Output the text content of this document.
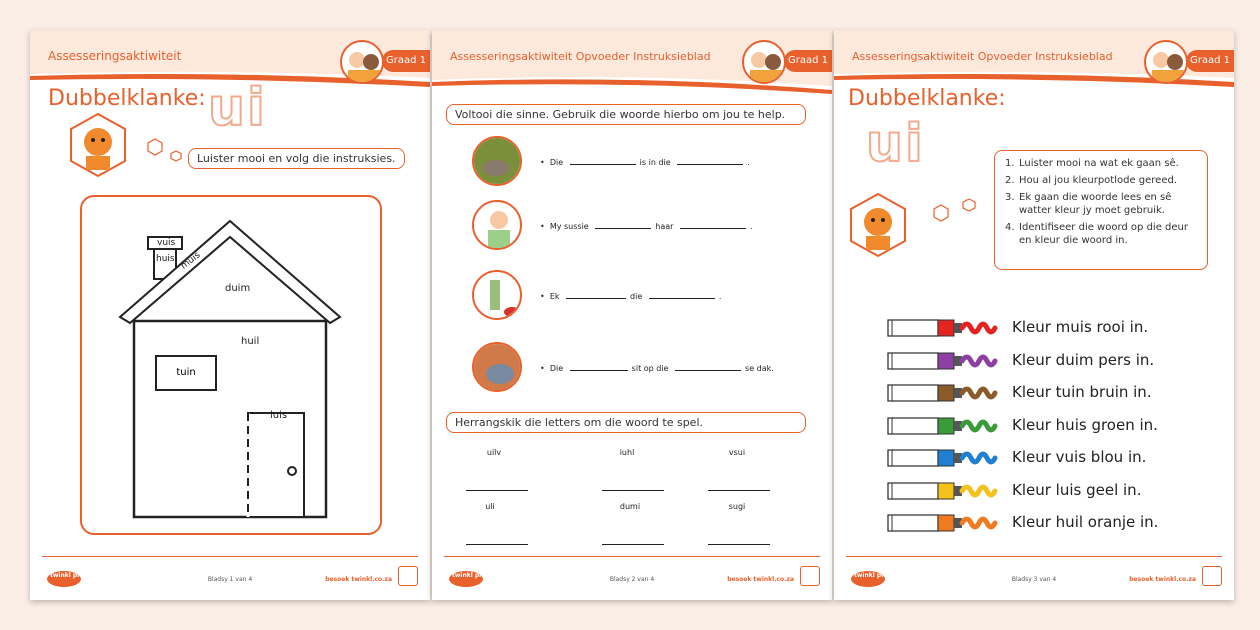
Assesseringsaktiwiteit	Graad 1
Dubbelklanke: ui
Luister mooi en volg die instruksies.
vuis
huis muis
duim
huil
tuin
luis
twinkl phonics
Bladsy 1 van 4	besoek twinkl.co.za
Assesseringsaktiwiteit Opvoeder Instruksieblad	Graad 1
Voltooi die sinne. Gebruik die woorde hierbo om jou te help.
•  Die	is in die	.
•  My sussie	haar	.
•  Ek	die	.
•  Die	sit op die	se dak.
Herrangskik die letters om die woord te spel.
uilv	iuhl	vsui
uli	dumi	sugi
twinkl phonics
Bladsy 2 van 4	besoek twinkl.co.za
Assesseringsaktiwiteit Opvoeder Instruksieblad	Graad 1
Dubbelklanke:
ui	1. Luister mooi na wat ek gaan sê.
2. Hou al jou kleurpotlode gereed.
3. Ek gaan die woorde lees en sê watter kleur jy moet gebruik.
4. Identifiseer die woord op die deur en kleur die woord in.
Kleur muis rooi in.
Kleur duim pers in.
Kleur tuin bruin in.
Kleur huis groen in.
Kleur vuis blou in.
Kleur luis geel in.
Kleur huil oranje in.
twinkl phonics
Bladsy 3 van 4	besoek twinkl.co.za
